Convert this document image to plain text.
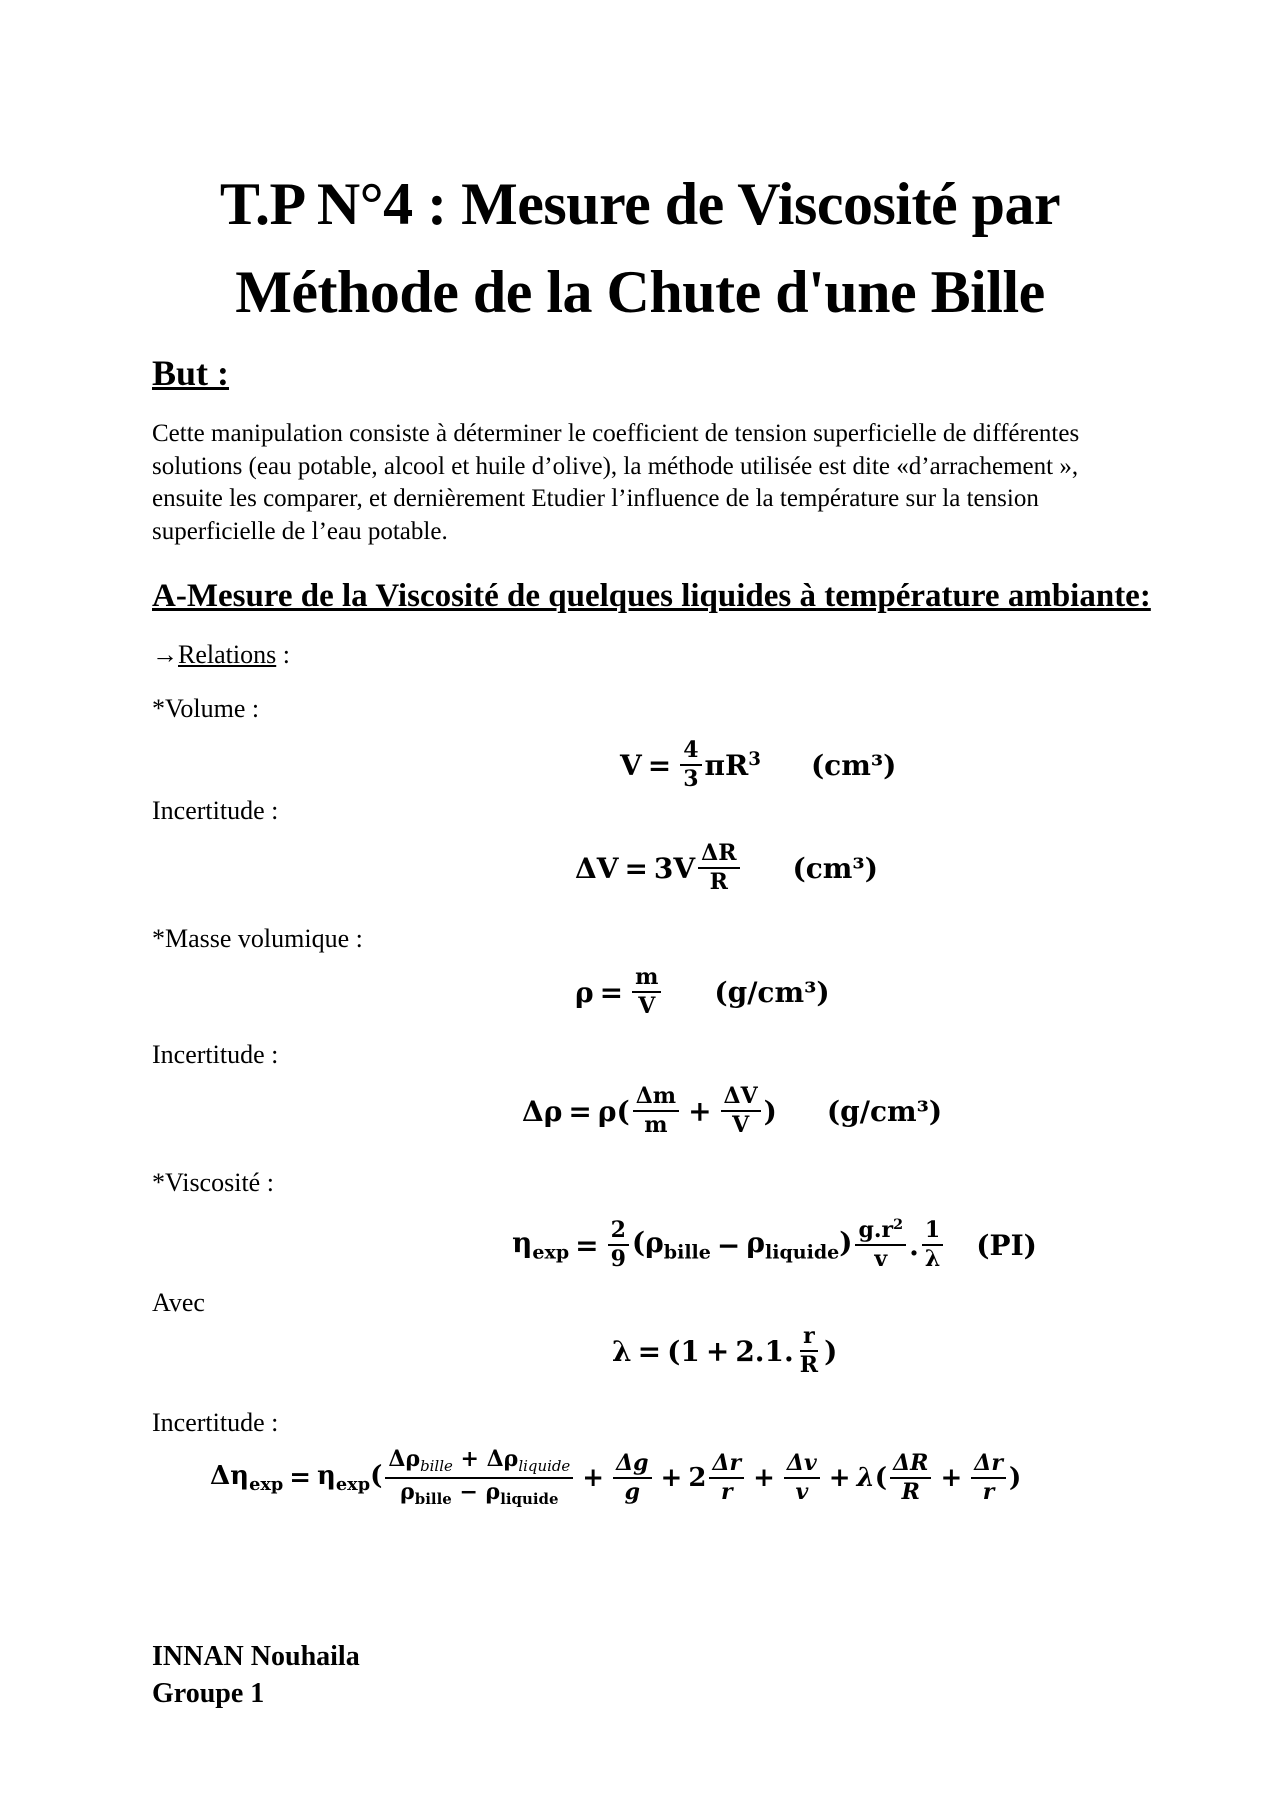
T.P N°4 : Mesure de Viscosité par
Méthode de la Chute d'une Bille
But :
Cette manipulation consiste à déterminer le coefficient de tension superficielle de différentes solutions (eau potable, alcool et huile d’olive), la méthode utilisée est dite «d’arrachement », ensuite les comparer, et dernièrement Etudier l’influence de la température sur la tension superficielle de l’eau potable.
A-Mesure de la Viscosité de quelques liquides à température ambiante:
→Relations :
*Volume :
$V = \frac{4}{3} \pi R^3$ (cm³)
Incertitude :
$\Delta V = 3V \frac{\Delta R}{R} (cm^3)$
*Masse volumique :
$\rho = \frac{m}{V} (g/cm^3)$
Incertitude :
$\Delta\rho = \rho( \frac{\Delta m}{m} + \frac{\Delta V}{V}$ ) (g/cm³)
*Viscosité :
$\eta_{exp} = \frac{2}{9} (\rho_{bille} - \rho_{liquide}) \frac{g.r^2}{v}$ . $\frac{1}{\lambda} (PI)$
Avec
λ = (1 + 2.1. $\frac{r}{R}$ )
Incertitude :
$\Delta\eta_{exp} = \eta_{exp}( \frac{\Delta\rho_{bille} + \Delta\rho_{liquide}}{\rho_{bille} - \rho_{liquide}} + \frac{\Delta g}{g} + 2 \frac{\Delta r}{r} + \frac{\Delta v}{v} + \lambda$ ( $\frac{\Delta R}{R} + \frac{\Delta r}{r}$ )
INNAN Nouhaila
Groupe 1
